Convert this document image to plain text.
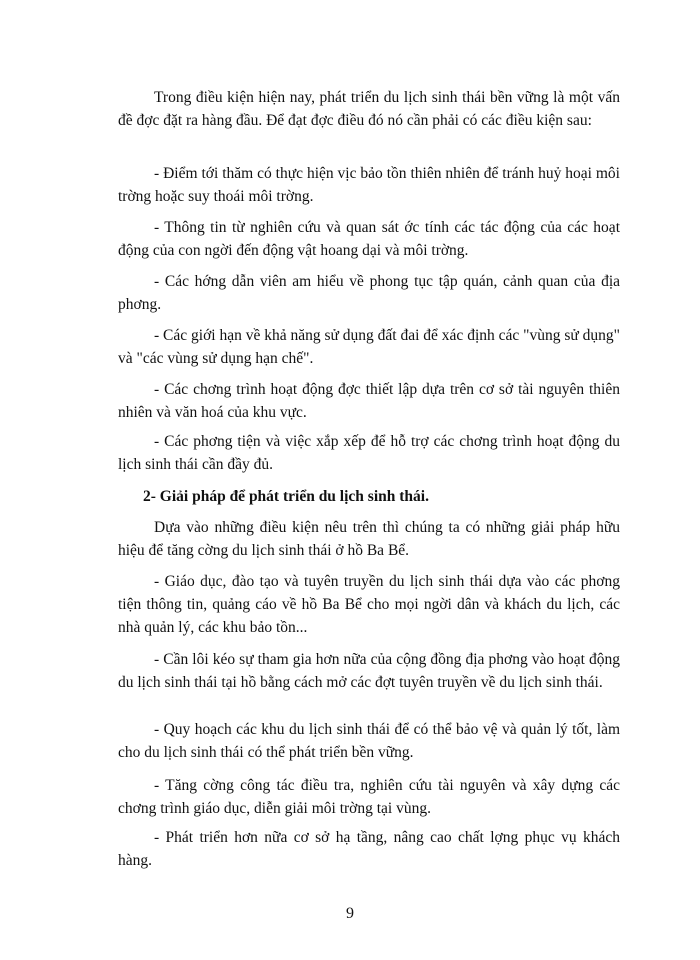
Trong điều kiện hiện nay, phát triển du lịch sinh thái bền vững là một vấn đề đợc đặt ra hàng đầu. Để đạt đợc điều đó nó cần phải có các điều kiện sau:

- Điểm tới thăm có thực hiện vịc bảo tồn thiên nhiên để tránh huỷ hoại môi trờng hoặc suy thoái môi trờng.

- Thông tin từ nghiên cứu và quan sát ớc tính các tác động của các hoạt động của con ngời đến động vật hoang dại và môi trờng.

- Các hớng dẫn viên am hiểu về phong tục tập quán, cảnh quan của địa phơng.

- Các giới hạn về khả năng sử dụng đất đai để xác định các "vùng sử dụng" và "các vùng sử dụng hạn chế".

- Các chơng trình hoạt động đợc thiết lập dựa trên cơ sở tài nguyên thiên nhiên và văn hoá của khu vực.

- Các phơng tiện và việc xắp xếp để hỗ trợ các chơng trình hoạt động du lịch sinh thái cần đầy đủ.

2- Giải pháp để phát triển du lịch sinh thái.

Dựa vào những điều kiện nêu trên thì chúng ta có những giải pháp hữu hiệu để tăng cờng du lịch sinh thái ở hồ Ba Bể.

- Giáo dục, đào tạo và tuyên truyền du lịch sinh thái dựa vào các phơng tiện thông tin, quảng cáo về hồ Ba Bể cho mọi ngời dân và khách du lịch, các nhà quản lý, các khu bảo tồn...

- Cần lôi kéo sự tham gia hơn nữa của cộng đồng địa phơng vào hoạt động du lịch sinh thái tại hồ bằng cách mở các đợt tuyên truyền về du lịch sinh thái.

- Quy hoạch các khu du lịch sinh thái để có thể bảo vệ và quản lý tốt, làm cho du lịch sinh thái có thể phát triển bền vững.

- Tăng cờng công tác điều tra, nghiên cứu tài nguyên và xây dựng các chơng trình giáo dục, diễn giải môi trờng tại vùng.

- Phát triển hơn nữa cơ sở hạ tầng, nâng cao chất lợng phục vụ khách hàng.

9
